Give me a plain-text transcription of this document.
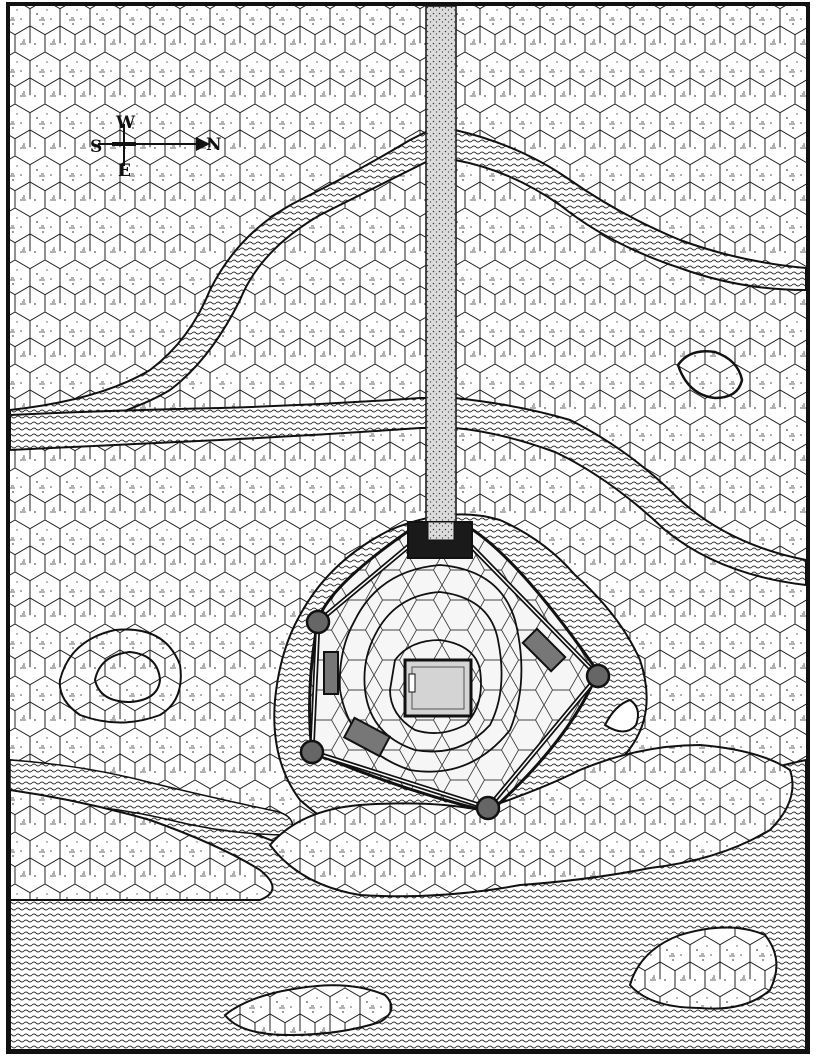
S
W
N
E
